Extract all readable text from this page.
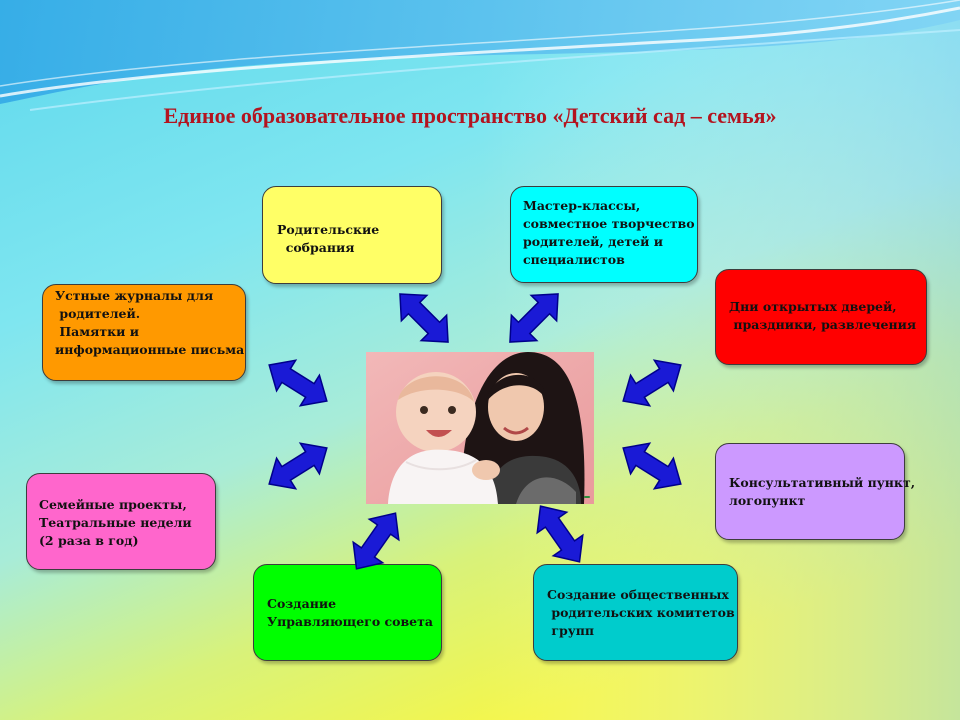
Единое образовательное пространство «Детский сад – семья»
Родительские
собрания
Мастер-классы,
совместное творчество
родителей, детей и
специалистов
Дни открытых дверей,
праздники, развлечения
Устные журналы для
родителей.
Памятки и
информационные письма
Консультативный пункт,
логопункт
Семейные проекты,
Театральные недели
(2 раза в год)
Создание
Управляющего совета
Создание общественных
родительских комитетов
групп
